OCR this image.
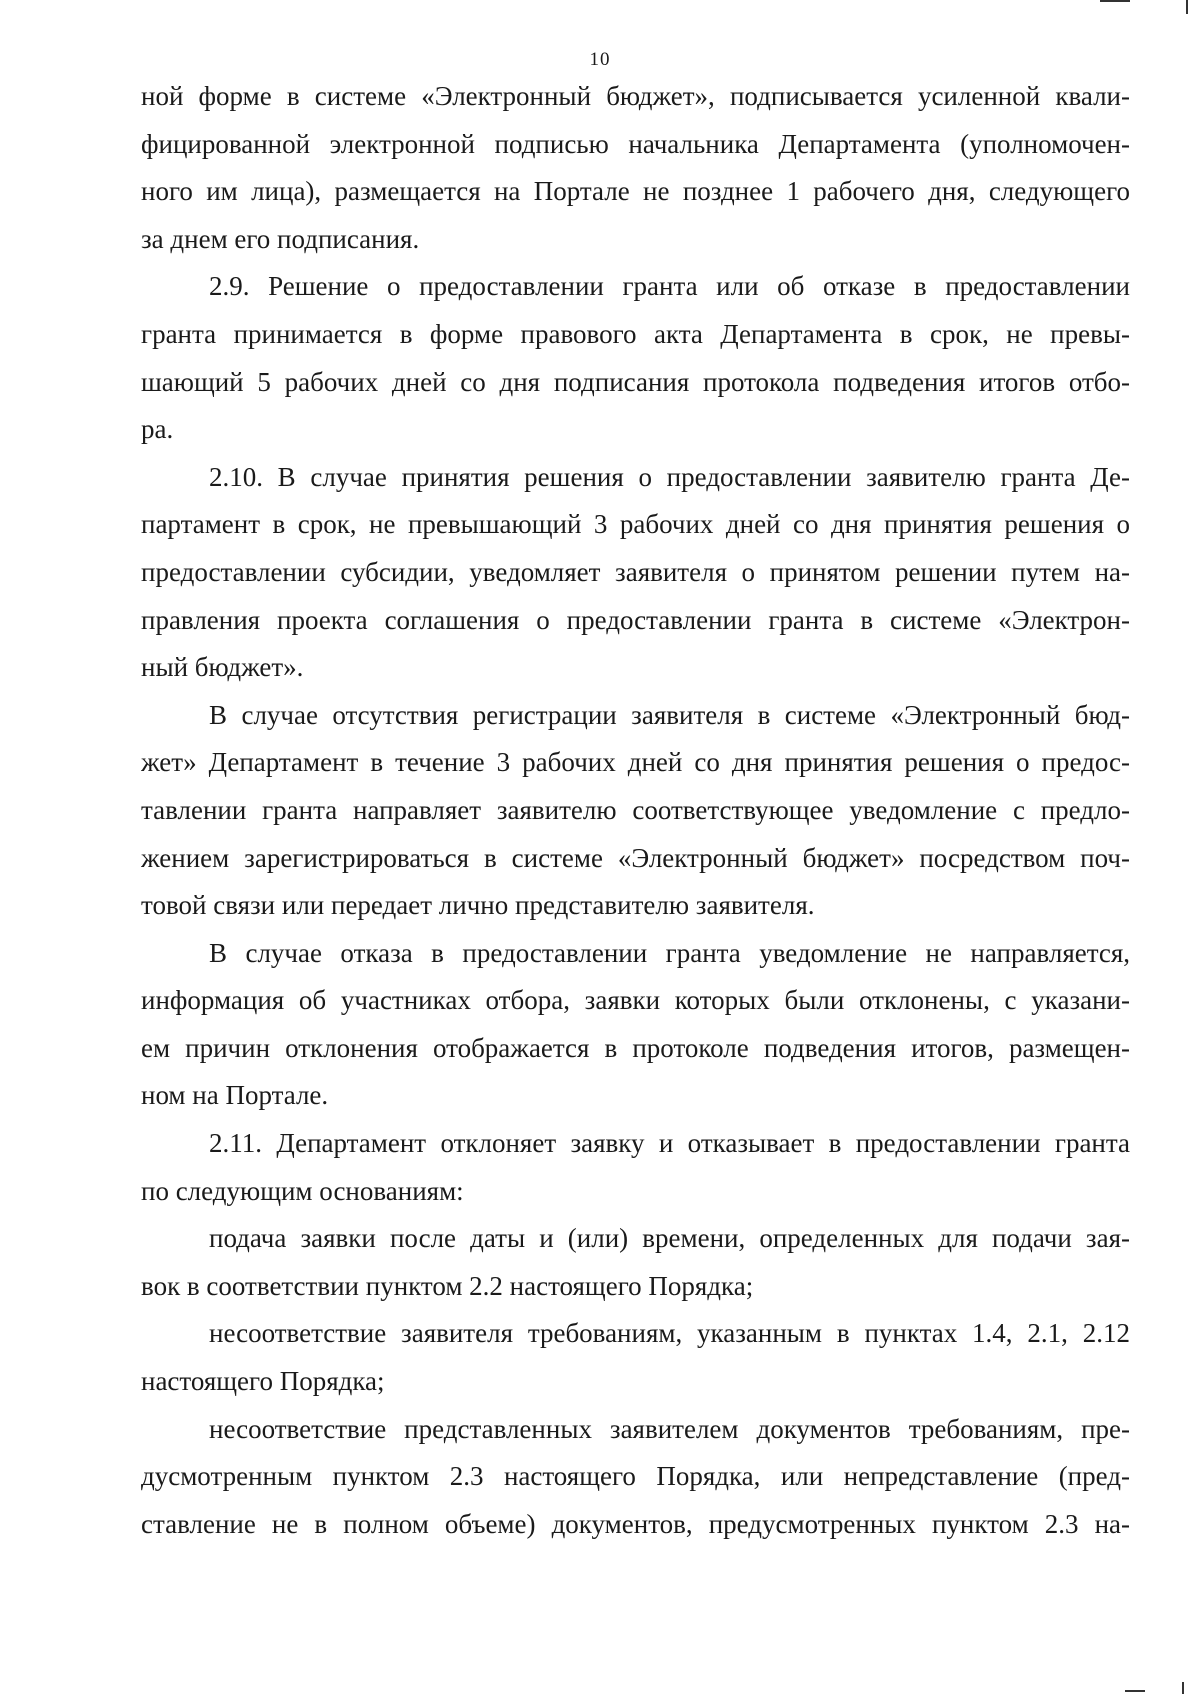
10
ной форме в системе «Электронный бюджет», подписывается усиленной квали-
фицированной электронной подписью начальника Департамента (уполномочен-
ного им лица), размещается на Портале не позднее 1 рабочего дня, следующего
за днем его подписания.
2.9. Решение о предоставлении гранта или об отказе в предоставлении
гранта принимается в форме правового акта Департамента в срок, не превы-
шающий 5 рабочих дней со дня подписания протокола подведения итогов отбо-
ра.
2.10. В случае принятия решения о предоставлении заявителю гранта Де-
партамент в срок, не превышающий 3 рабочих дней со дня принятия решения о
предоставлении субсидии, уведомляет заявителя о принятом решении путем на-
правления проекта соглашения о предоставлении гранта в системе «Электрон-
ный бюджет».
В случае отсутствия регистрации заявителя в системе «Электронный бюд-
жет» Департамент в течение 3 рабочих дней со дня принятия решения о предос-
тавлении гранта направляет заявителю соответствующее уведомление с предло-
жением зарегистрироваться в системе «Электронный бюджет» посредством поч-
товой связи или передает лично представителю заявителя.
В случае отказа в предоставлении гранта уведомление не направляется,
информация об участниках отбора, заявки которых были отклонены, с указани-
ем причин отклонения отображается в протоколе подведения итогов, размещен-
ном на Портале.
2.11. Департамент отклоняет заявку и отказывает в предоставлении гранта
по следующим основаниям:
подача заявки после даты и (или) времени, определенных для подачи зая-
вок в соответствии пунктом 2.2 настоящего Порядка;
несоответствие заявителя требованиям, указанным в пунктах 1.4, 2.1, 2.12
настоящего Порядка;
несоответствие представленных заявителем документов требованиям, пре-
дусмотренным пунктом 2.3 настоящего Порядка, или непредставление (пред-
ставление не в полном объеме) документов, предусмотренных пунктом 2.3 на-
